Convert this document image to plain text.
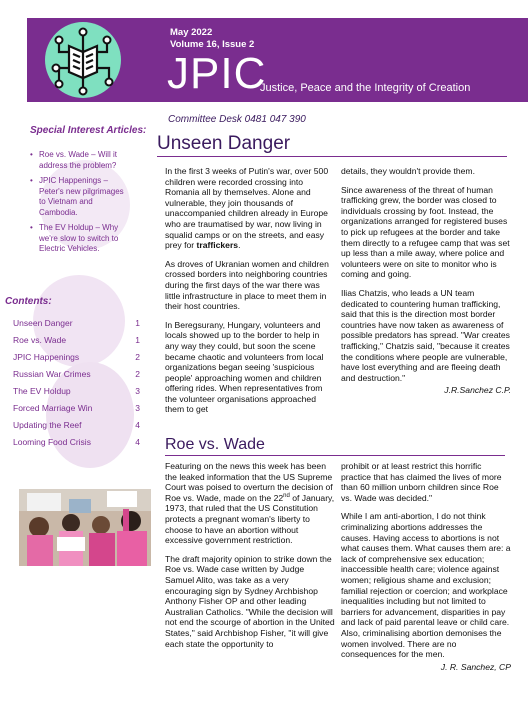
May 2022
Volume 16, Issue 2
JPIC
Justice, Peace and the Integrity of Creation
Committee Desk 0481 047 390
Special Interest Articles:
• Roe vs. Wade – Will it address the problem?
• JPIC Happenings – Peter's new pilgrimages to Vietnam and Cambodia.
• The EV Holdup – Why we're slow to switch to Electric Vehicles.
Contents:
Unseen Danger	1
Roe vs. Wade	1
JPIC Happenings	2
Russian War Crimes	2
The EV Holdup	3
Forced Marriage Win	3
Updating the Reef	4
Looming Food Crisis	4
Unseen Danger

In the first 3 weeks of Putin's war, over 500 children were recorded crossing into Romania all by themselves. Alone and vulnerable, they join thousands of unaccompanied children already in Europe who are traumatised by war, now living in squalid camps or on the streets, and easy prey for traffickers.

As droves of Ukranian women and children crossed borders into neighboring countries during the first days of the war there was little infrastructure in place to meet them in their host countries.

In Beregsurany, Hungary, volunteers and locals showed up to the border to help in any way they could, but soon the scene became chaotic and volunteers from local organizations began seeing 'suspicious people' approaching women and children offering rides. When representatives from the volunteer organisations approached them to get

details, they wouldn't provide them.

Since awareness of the threat of human trafficking grew, the border was closed to individuals crossing by foot. Instead, the organizations arranged for registered buses to pick up refugees at the border and take them directly to a refugee camp that was set up less than a mile away, where police and volunteers were on site to monitor who is coming and going.

Ilias Chatzis, who leads a UN team dedicated to countering human trafficking, said that this is the direction most border countries have now taken as awareness of possible predators has spread. "War creates trafficking," Chatzis said, "because it creates the conditions where people are vulnerable, have lost everything and are fleeing death and destruction."

J.R.Sanchez C.P.
Roe vs. Wade

Featuring on the news this week has been the leaked information that the US Supreme Court was poised to overturn the decision of Roe vs. Wade, made on the 22nd of January, 1973, that ruled that the US Constitution protects a pregnant woman's liberty to choose to have an abortion without excessive government restriction.

The draft majority opinion to strike down the Roe vs. Wade case written by Judge Samuel Alito, was take as a very encouraging sign by Sydney Archbishop Anthony Fisher OP and other leading Australian Catholics. "While the decision will not end the scourge of abortion in the United States," said Archbishop Fisher, "it will give each state the opportunity to

prohibit or at least restrict this horrific practice that has claimed the lives of more than 60 million unborn children since Roe vs. Wade was decided."

While I am anti-abortion, I do not think criminalizing abortions addresses the causes. Having access to abortions is not what causes them. What causes them are: a lack of comprehensive sex education; inaccessible health care; violence against women; religious shame and exclusion; familial rejection or coercion; and workplace inequalities including but not limited to barriers for advancement, disparities in pay and lack of paid parental leave or child care. Also, criminalising abortion demonises the women involved. There are no consequences for the men.

J. R. Sanchez, CP
